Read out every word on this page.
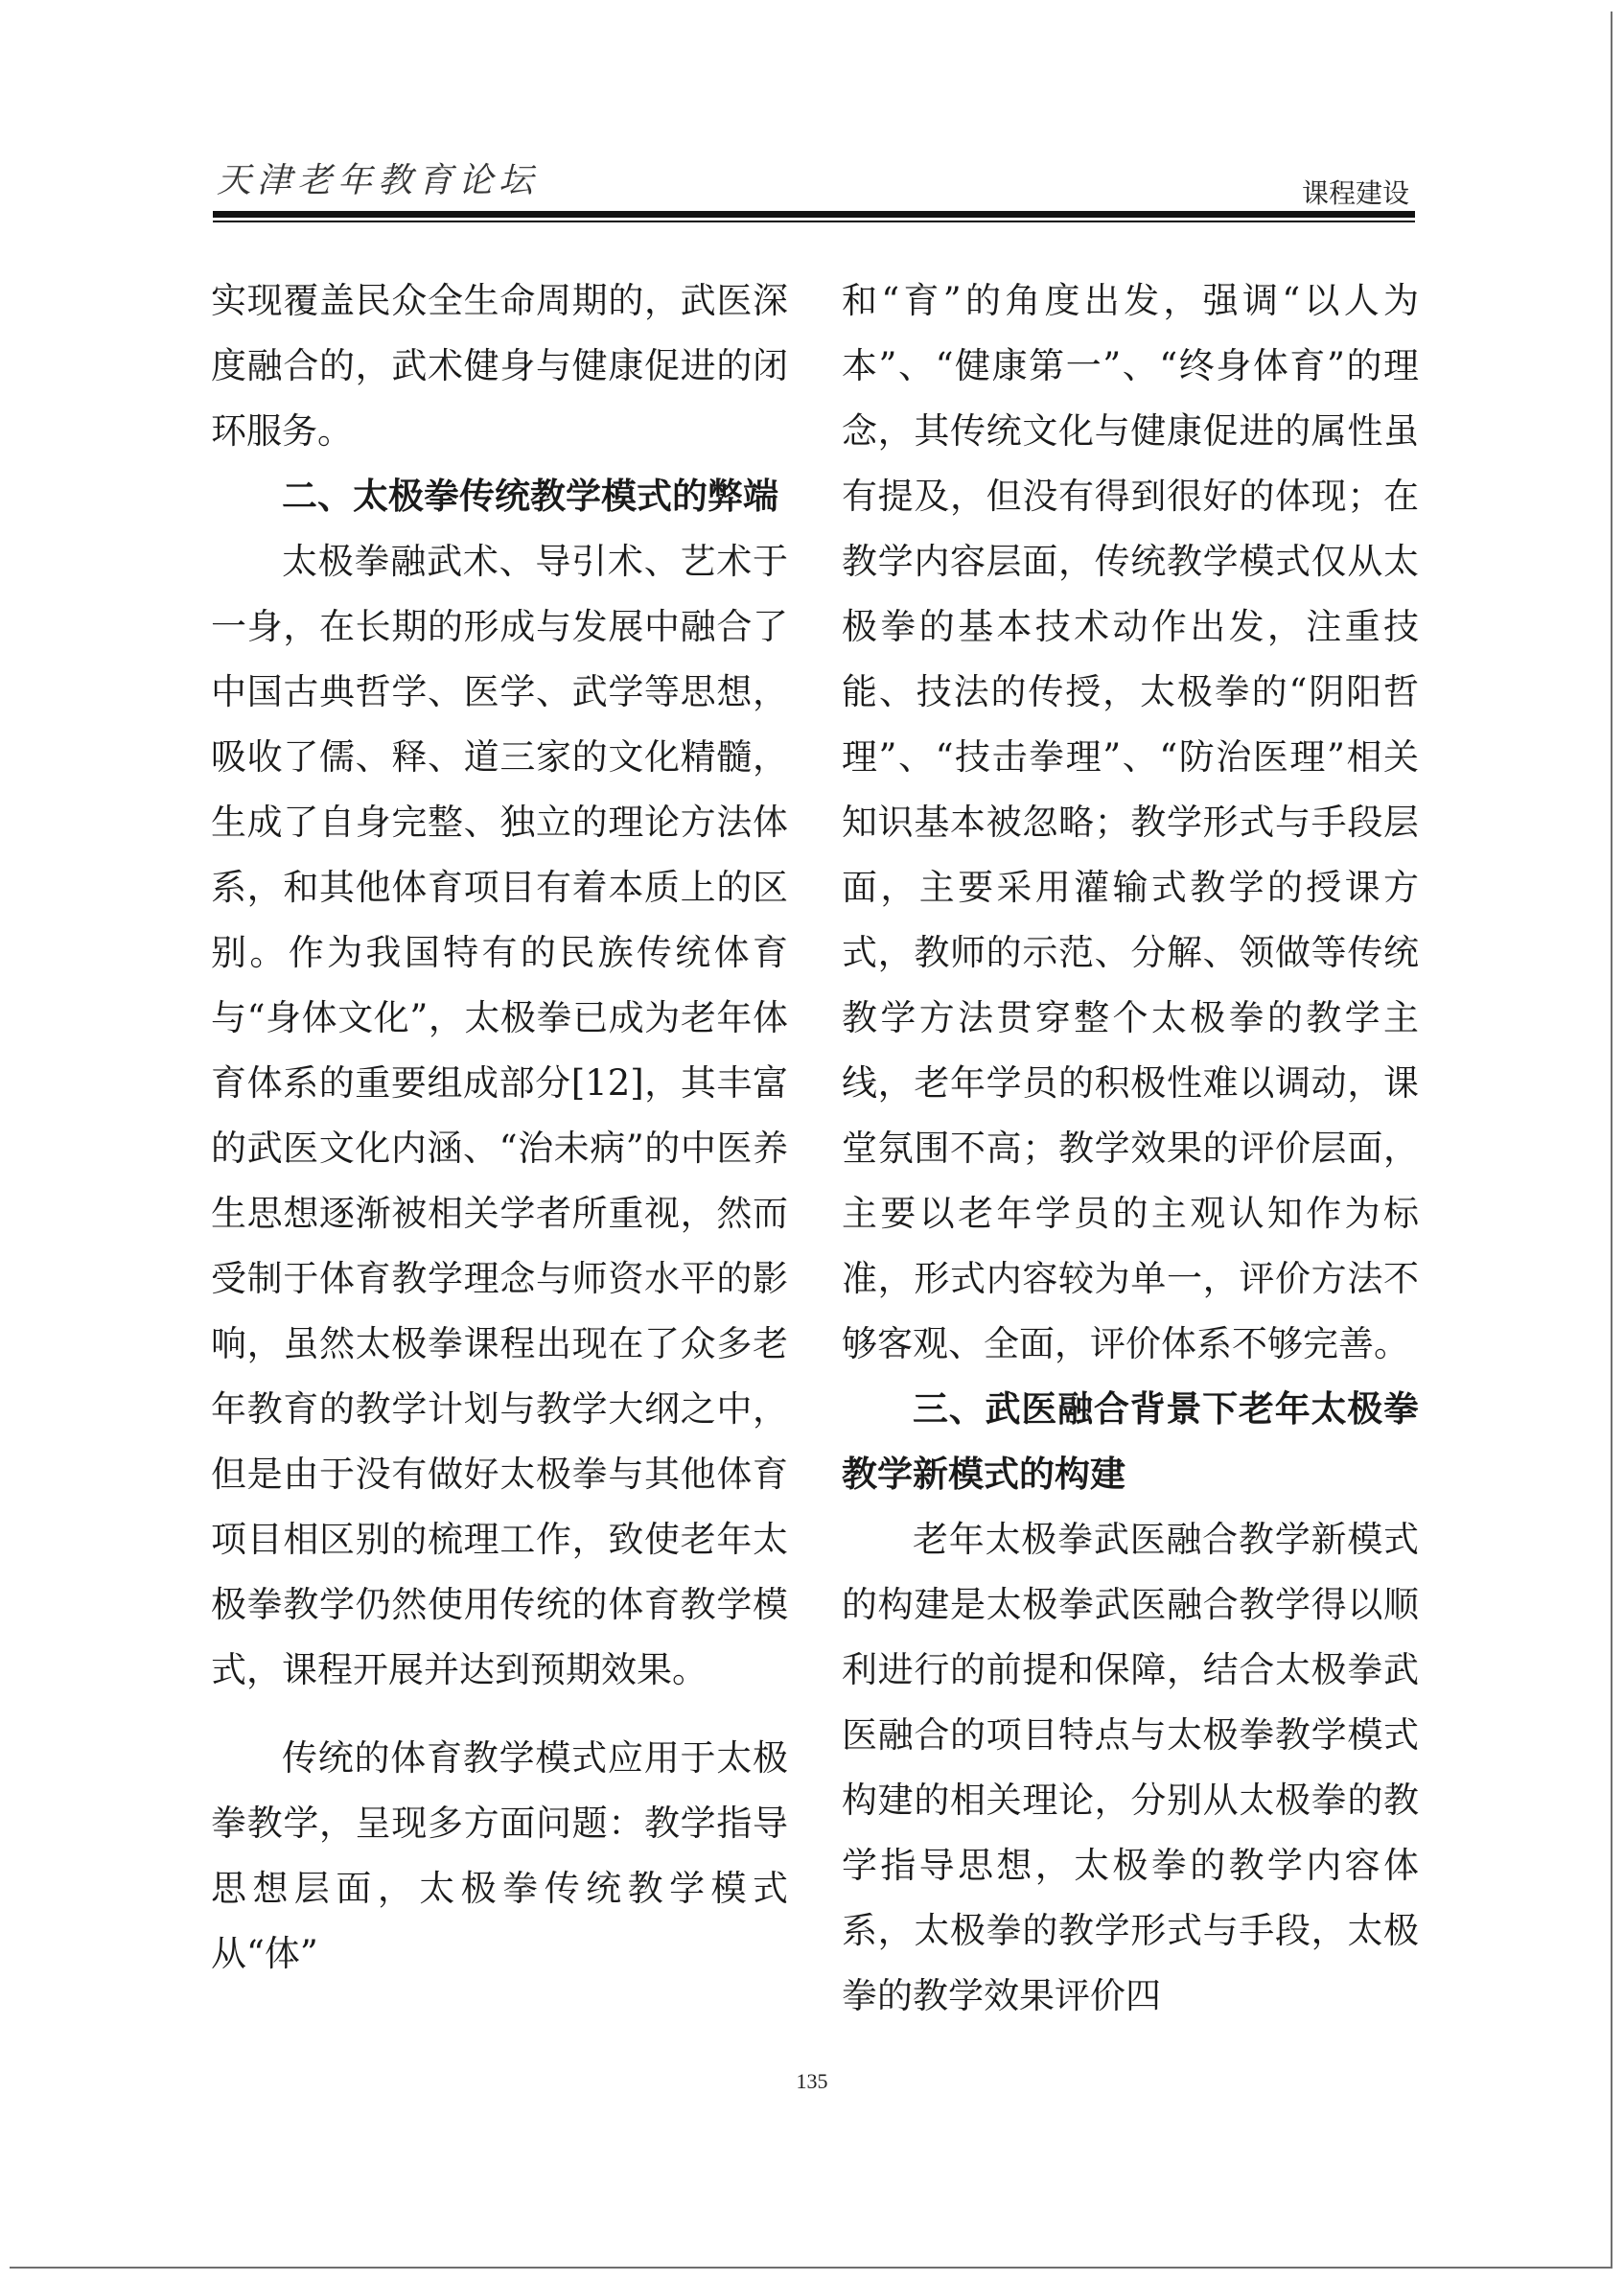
天津老年教育论坛	课程建设

实现覆盖民众全生命周期的，武医深度融合的，武术健身与健康促进的闭环服务。

二、太极拳传统教学模式的弊端

太极拳融武术、导引术、艺术于一身，在长期的形成与发展中融合了中国古典哲学、医学、武学等思想，吸收了儒、释、道三家的文化精髓，生成了自身完整、独立的理论方法体系，和其他体育项目有着本质上的区别。作为我国特有的民族传统体育与“身体文化”，太极拳已成为老年体育体系的重要组成部分[12]，其丰富的武医文化内涵、“治未病”的中医养生思想逐渐被相关学者所重视，然而受制于体育教学理念与师资水平的影响，虽然太极拳课程出现在了众多老年教育的教学计划与教学大纲之中，但是由于没有做好太极拳与其他体育项目相区别的梳理工作，致使老年太极拳教学仍然使用传统的体育教学模式，课程开展并达到预期效果。

传统的体育教学模式应用于太极拳教学，呈现多方面问题：教学指导思想层面，太极拳传统教学模式从“体”

和“育”的角度出发，强调“以人为本”、“健康第一”、“终身体育”的理念，其传统文化与健康促进的属性虽有提及，但没有得到很好的体现；在教学内容层面，传统教学模式仅从太极拳的基本技术动作出发，注重技能、技法的传授，太极拳的“阴阳哲理”、“技击拳理”、“防治医理”相关知识基本被忽略；教学形式与手段层面，主要采用灌输式教学的授课方式，教师的示范、分解、领做等传统教学方法贯穿整个太极拳的教学主线，老年学员的积极性难以调动，课堂氛围不高；教学效果的评价层面，主要以老年学员的主观认知作为标准，形式内容较为单一，评价方法不够客观、全面，评价体系不够完善。

三、武医融合背景下老年太极拳教学新模式的构建

老年太极拳武医融合教学新模式的构建是太极拳武医融合教学得以顺利进行的前提和保障，结合太极拳武医融合的项目特点与太极拳教学模式构建的相关理论，分别从太极拳的教学指导思想，太极拳的教学内容体系，太极拳的教学形式与手段，太极拳的教学效果评价四

135
